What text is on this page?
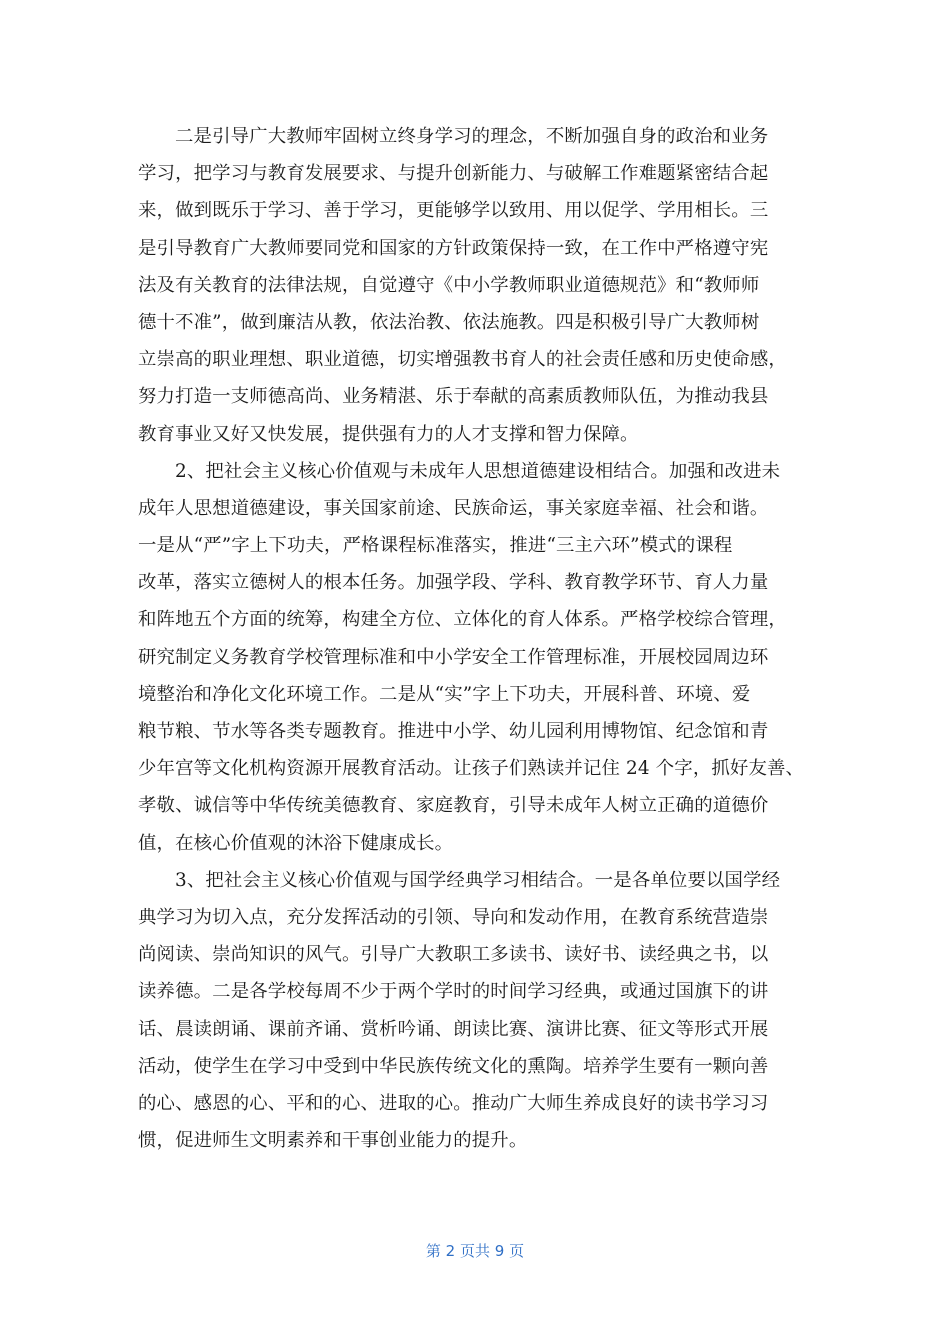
二是引导广大教师牢固树立终身学习的理念，不断加强自身的政治和业务
学习，把学习与教育发展要求、与提升创新能力、与破解工作难题紧密结合起
来，做到既乐于学习、善于学习，更能够学以致用、用以促学、学用相长。三
是引导教育广大教师要同党和国家的方针政策保持一致，在工作中严格遵守宪
法及有关教育的法律法规，自觉遵守《中小学教师职业道德规范》和“教师师
德十不准”，做到廉洁从教，依法治教、依法施教。四是积极引导广大教师树
立崇高的职业理想、职业道德，切实增强教书育人的社会责任感和历史使命感，
努力打造一支师德高尚、业务精湛、乐于奉献的高素质教师队伍，为推动我县
教育事业又好又快发展，提供强有力的人才支撑和智力保障。
2、把社会主义核心价值观与未成年人思想道德建设相结合。加强和改进未
成年人思想道德建设，事关国家前途、民族命运，事关家庭幸福、社会和谐。
一是从“严”字上下功夫，严格课程标准落实，推进“三主六环”模式的课程
改革，落实立德树人的根本任务。加强学段、学科、教育教学环节、育人力量
和阵地五个方面的统筹，构建全方位、立体化的育人体系。严格学校综合管理，
研究制定义务教育学校管理标准和中小学安全工作管理标准，开展校园周边环
境整治和净化文化环境工作。二是从“实”字上下功夫，开展科普、环境、爱
粮节粮、节水等各类专题教育。推进中小学、幼儿园利用博物馆、纪念馆和青
少年宫等文化机构资源开展教育活动。让孩子们熟读并记住 24 个字，抓好友善、
孝敬、诚信等中华传统美德教育、家庭教育，引导未成年人树立正确的道德价
值，在核心价值观的沐浴下健康成长。
3、把社会主义核心价值观与国学经典学习相结合。一是各单位要以国学经
典学习为切入点，充分发挥活动的引领、导向和发动作用，在教育系统营造崇
尚阅读、崇尚知识的风气。引导广大教职工多读书、读好书、读经典之书，以
读养德。二是各学校每周不少于两个学时的时间学习经典，或通过国旗下的讲
话、晨读朗诵、课前齐诵、赏析吟诵、朗读比赛、演讲比赛、征文等形式开展
活动，使学生在学习中受到中华民族传统文化的熏陶。培养学生要有一颗向善
的心、感恩的心、平和的心、进取的心。推动广大师生养成良好的读书学习习
惯，促进师生文明素养和干事创业能力的提升。
第 2 页共 9 页
